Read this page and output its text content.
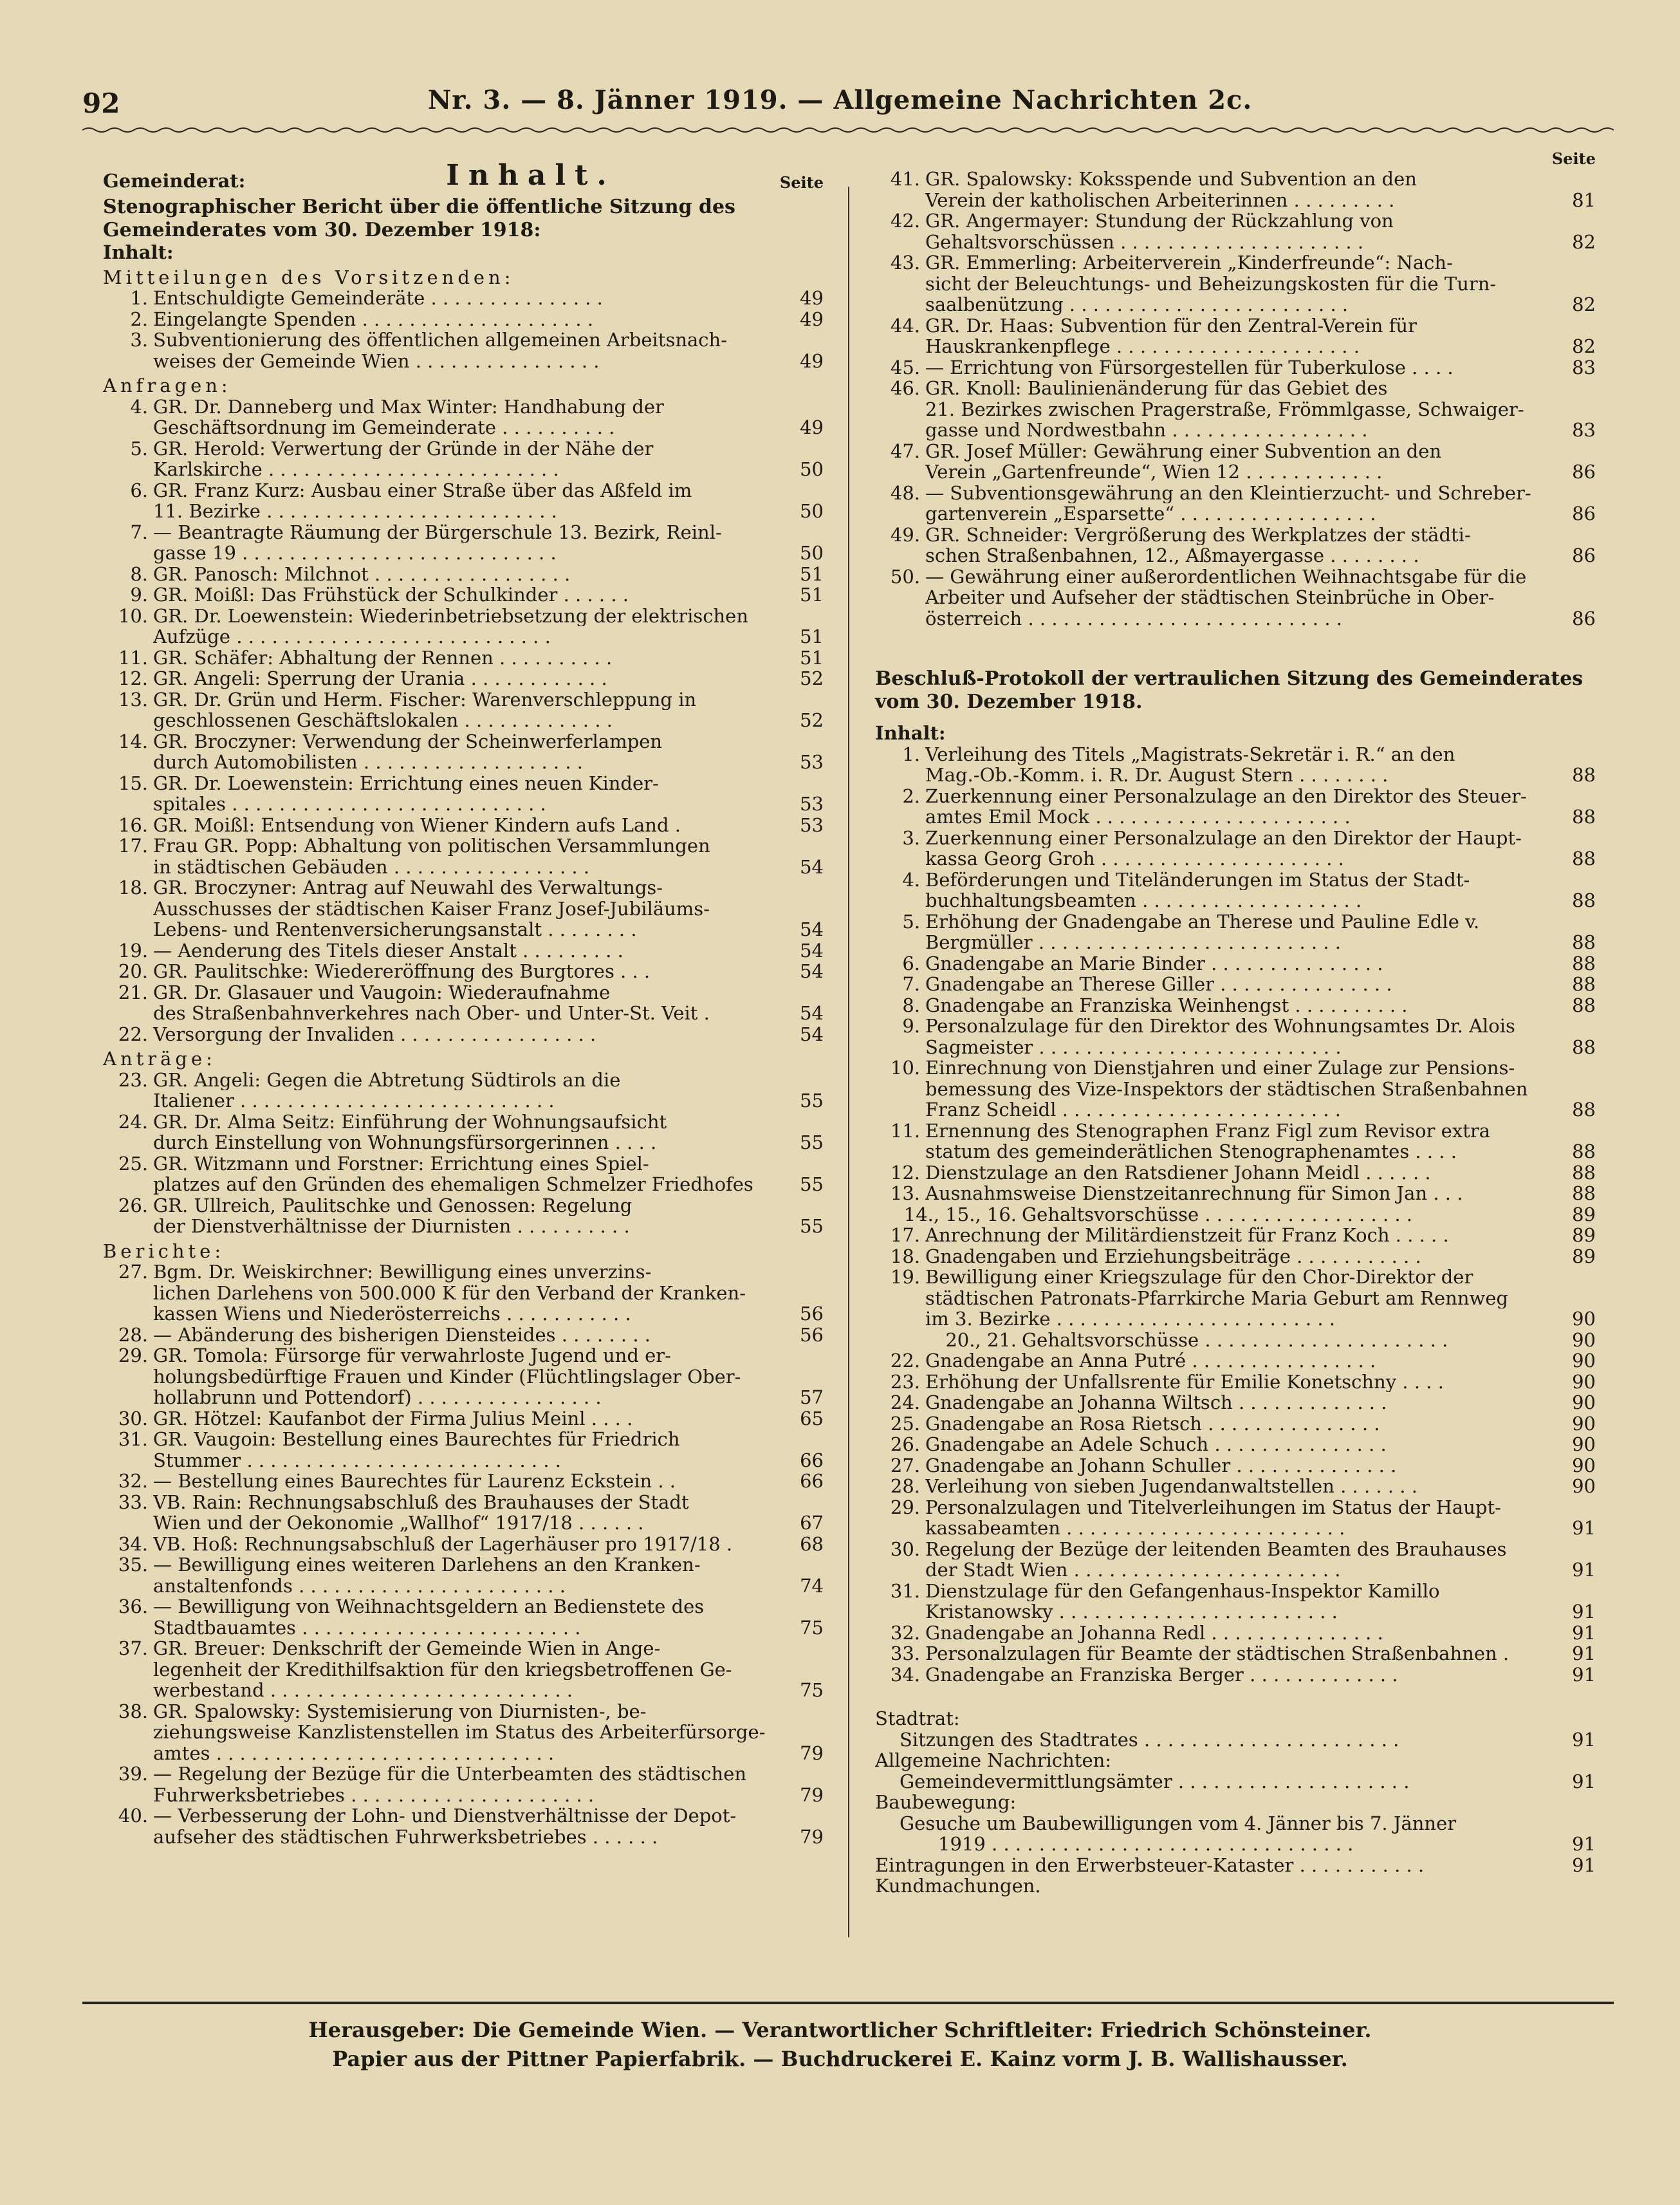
92	Nr. 3. — 8. Jänner 1919. — Allgemeine Nachrichten 2c.
Gemeinderat:	Inhalt.	Seite
Stenographischer Bericht über die öffentliche Sitzung des Gemeinderates vom 30. Dezember 1918:
Inhalt:
Mitteilungen des Vorsitzenden:
1. Entschuldigte Gemeinderäte . . . . . . . . . . . . . . .	49
2. Eingelangte Spenden . . . . . . . . . . . . . . . . . . . .	49
3. Subventionierung des öffentlichen allgemeinen Arbeitsnach-
weises der Gemeinde Wien . . . . . . . . . . . . . . . .	49
Anfragen:
4. GR. Dr. Danneberg und Max Winter: Handhabung der
Geschäftsordnung im Gemeinderate . . . . . . . . . .	49
5. GR. Herold: Verwertung der Gründe in der Nähe der
Karlskirche . . . . . . . . . . . . . . . . . . . . . . . . .	50
6. GR. Franz Kurz: Ausbau einer Straße über das Aßfeld im
11. Bezirke . . . . . . . . . . . . . . . . . . . . . . . . .	50
7. — Beantragte Räumung der Bürgerschule 13. Bezirk, Reinl-
gasse 19 . . . . . . . . . . . . . . . . . . . . . . . . . . .	50
8. GR. Panosch: Milchnot . . . . . . . . . . . . . . . . .	51
9. GR. Moißl: Das Frühstück der Schulkinder . . . . . .	51
10. GR. Dr. Loewenstein: Wiederinbetriebsetzung der elektrischen
Aufzüge . . . . . . . . . . . . . . . . . . . . . . . . . . .	51
11. GR. Schäfer: Abhaltung der Rennen . . . . . . . . . .	51
12. GR. Angeli: Sperrung der Urania . . . . . . . . . . . .	52
13. GR. Dr. Grün und Herm. Fischer: Warenverschleppung in
geschlossenen Geschäftslokalen . . . . . . . . . . . . .	52
14. GR. Broczyner: Verwendung der Scheinwerferlampen
durch Automobilisten . . . . . . . . . . . . . . . . . . .	53
15. GR. Dr. Loewenstein: Errichtung eines neuen Kinder-
spitales . . . . . . . . . . . . . . . . . . . . . . . . . . .	53
16. GR. Moißl: Entsendung von Wiener Kindern aufs Land .	53
17. Frau GR. Popp: Abhaltung von politischen Versammlungen
in städtischen Gebäuden . . . . . . . . . . . . . . . . .	54
18. GR. Broczyner: Antrag auf Neuwahl des Verwaltungs-
Ausschusses der städtischen Kaiser Franz Josef-Jubiläums-
Lebens- und Rentenversicherungsanstalt . . . . . . . .	54
19. — Aenderung des Titels dieser Anstalt . . . . . . . . .	54
20. GR. Paulitschke: Wiedereröffnung des Burgtores . . .	54
21. GR. Dr. Glasauer und Vaugoin: Wiederaufnahme
des Straßenbahnverkehres nach Ober- und Unter-St. Veit .	54
22. Versorgung der Invaliden . . . . . . . . . . . . . . . . .	54
Anträge:
23. GR. Angeli: Gegen die Abtretung Südtirols an die
Italiener . . . . . . . . . . . . . . . . . . . . . . . . . . .	55
24. GR. Dr. Alma Seitz: Einführung der Wohnungsaufsicht
durch Einstellung von Wohnungsfürsorgerinnen . . . .	55
25. GR. Witzmann und Forstner: Errichtung eines Spiel-
platzes auf den Gründen des ehemaligen Schmelzer Friedhofes	55
26. GR. Ullreich, Paulitschke und Genossen: Regelung
der Dienstverhältnisse der Diurnisten . . . . . . . . . .	55
Berichte:
27. Bgm. Dr. Weiskirchner: Bewilligung eines unverzins-
lichen Darlehens von 500.000 K für den Verband der Kranken-
kassen Wiens und Niederösterreichs . . . . . . . . . . .	56
28. — Abänderung des bisherigen Diensteides . . . . . . . .	56
29. GR. Tomola: Fürsorge für verwahrloste Jugend und er-
holungsbedürftige Frauen und Kinder (Flüchtlingslager Ober-
hollabrunn und Pottendorf) . . . . . . . . . . . . . . . .	57
30. GR. Hötzel: Kaufanbot der Firma Julius Meinl . . . .	65
31. GR. Vaugoin: Bestellung eines Baurechtes für Friedrich
Stummer . . . . . . . . . . . . . . . . . . . . . . . . . . .	66
32. — Bestellung eines Baurechtes für Laurenz Eckstein . .	66
33. VB. Rain: Rechnungsabschluß des Brauhauses der Stadt
Wien und der Oekonomie „Wallhof“ 1917/18 . . . . . .	67
34. VB. Hoß: Rechnungsabschluß der Lagerhäuser pro 1917/18 .	68
35. — Bewilligung eines weiteren Darlehens an den Kranken-
anstaltenfonds . . . . . . . . . . . . . . . . . . . . . . .	74
36. — Bewilligung von Weihnachtsgeldern an Bedienstete des
Stadtbauamtes . . . . . . . . . . . . . . . . . . . . . . . .	75
37. GR. Breuer: Denkschrift der Gemeinde Wien in Ange-
legenheit der Kredithilfsaktion für den kriegsbetroffenen Ge-
werbestand . . . . . . . . . . . . . . . . . . . . . . . . . .	75
38. GR. Spalowsky: Systemisierung von Diurnisten-, be-
ziehungsweise Kanzlistenstellen im Status des Arbeiterfürsorge-
amtes . . . . . . . . . . . . . . . . . . . . . . . . . . . . .	79
39. — Regelung der Bezüge für die Unterbeamten des städtischen
Fuhrwerksbetriebes . . . . . . . . . . . . . . . . . . . . .	79
40. — Verbesserung der Lohn- und Dienstverhältnisse der Depot-
aufseher des städtischen Fuhrwerksbetriebes . . . . . .	79
Seite
41. GR. Spalowsky: Koksspende und Subvention an den
Verein der katholischen Arbeiterinnen . . . . . . . . .	81
42. GR. Angermayer: Stundung der Rückzahlung von
Gehaltsvorschüssen . . . . . . . . . . . . . . . . . . . . .	82
43. GR. Emmerling: Arbeiterverein „Kinderfreunde“: Nach-
sicht der Beleuchtungs- und Beheizungskosten für die Turn-
saalbenützung . . . . . . . . . . . . . . . . . . . . . . . .	82
44. GR. Dr. Haas: Subvention für den Zentral-Verein für
Hauskrankenpflege . . . . . . . . . . . . . . . . . . . . .	82
45. — Errichtung von Fürsorgestellen für Tuberkulose . . . .	83
46. GR. Knoll: Baulinienänderung für das Gebiet des
21. Bezirkes zwischen Pragerstraße, Frömmlgasse, Schwaiger-
gasse und Nordwestbahn . . . . . . . . . . . . . . . . .	83
47. GR. Josef Müller: Gewährung einer Subvention an den
Verein „Gartenfreunde“, Wien 12 . . . . . . . . . . . .	86
48. — Subventionsgewährung an den Kleintierzucht- und Schreber-
gartenverein „Esparsette“ . . . . . . . . . . . . . . . . .	86
49. GR. Schneider: Vergrößerung des Werkplatzes der städti-
schen Straßenbahnen, 12., Aßmayergasse . . . . . . . .	86
50. — Gewährung einer außerordentlichen Weihnachtsgabe für die
Arbeiter und Aufseher der städtischen Steinbrüche in Ober-
österreich . . . . . . . . . . . . . . . . . . . . . . . . . . .	86
Beschluß-Protokoll der vertraulichen Sitzung des Gemeinderates vom 30. Dezember 1918.
Inhalt:
1. Verleihung des Titels „Magistrats-Sekretär i. R.“ an den
Mag.-Ob.-Komm. i. R. Dr. August Stern . . . . . . . .	88
2. Zuerkennung einer Personalzulage an den Direktor des Steuer-
amtes Emil Mock . . . . . . . . . . . . . . . . . . . . . .	88
3. Zuerkennung einer Personalzulage an den Direktor der Haupt-
kassa Georg Groh . . . . . . . . . . . . . . . . . . . . .	88
4. Beförderungen und Titeländerungen im Status der Stadt-
buchhaltungsbeamten . . . . . . . . . . . . . . . . . . .	88
5. Erhöhung der Gnadengabe an Therese und Pauline Edle v.
Bergmüller . . . . . . . . . . . . . . . . . . . . . . . . . .	88
6. Gnadengabe an Marie Binder . . . . . . . . . . . . . . .	88
7. Gnadengabe an Therese Giller . . . . . . . . . . . . . . .	88
8. Gnadengabe an Franziska Weinhengst . . . . . . . . . .	88
9. Personalzulage für den Direktor des Wohnungsamtes Dr. Alois
Sagmeister . . . . . . . . . . . . . . . . . . . . . . . . . .	88
10. Einrechnung von Dienstjahren und einer Zulage zur Pensions-
bemessung des Vize-Inspektors der städtischen Straßenbahnen
Franz Scheidl . . . . . . . . . . . . . . . . . . . . . . . .	88
11. Ernennung des Stenographen Franz Figl zum Revisor extra
statum des gemeinderätlichen Stenographenamtes . . . .	88
12. Dienstzulage an den Ratsdiener Johann Meidl . . . . . .	88
13. Ausnahmsweise Dienstzeitanrechnung für Simon Jan . . .	88
14., 15., 16. Gehaltsvorschüsse . . . . . . . . . . . . . . . . . .	89
17. Anrechnung der Militärdienstzeit für Franz Koch . . . . .	89
18. Gnadengaben und Erziehungsbeiträge . . . . . . . . . . .	89
19. Bewilligung einer Kriegszulage für den Chor-Direktor der
städtischen Patronats-Pfarrkirche Maria Geburt am Rennweg
im 3. Bezirke . . . . . . . . . . . . . . . . . . . . . . . .	90
20., 21. Gehaltsvorschüsse . . . . . . . . . . . . . . . . . . . . .	90
22. Gnadengabe an Anna Putré . . . . . . . . . . . . . . . .	90
23. Erhöhung der Unfallsrente für Emilie Konetschny . . . .	90
24. Gnadengabe an Johanna Wiltsch . . . . . . . . . . . . .	90
25. Gnadengabe an Rosa Rietsch . . . . . . . . . . . . . . .	90
26. Gnadengabe an Adele Schuch . . . . . . . . . . . . . . .	90
27. Gnadengabe an Johann Schuller . . . . . . . . . . . . . .	90
28. Verleihung von sieben Jugendanwaltstellen . . . . . . .	90
29. Personalzulagen und Titelverleihungen im Status der Haupt-
kassabeamten . . . . . . . . . . . . . . . . . . . . . . . .	91
30. Regelung der Bezüge der leitenden Beamten des Brauhauses
der Stadt Wien . . . . . . . . . . . . . . . . . . . . . . .	91
31. Dienstzulage für den Gefangenhaus-Inspektor Kamillo
Kristanowsky . . . . . . . . . . . . . . . . . . . . . . . .	91
32. Gnadengabe an Johanna Redl . . . . . . . . . . . . . . .	91
33. Personalzulagen für Beamte der städtischen Straßenbahnen .	91
34. Gnadengabe an Franziska Berger . . . . . . . . . . . . .	91
Stadtrat:
Sitzungen des Stadtrates . . . . . . . . . . . . . . . . . . . . . .	91
Allgemeine Nachrichten:
Gemeindevermittlungsämter . . . . . . . . . . . . . . . . . . . .	91
Baubewegung:
Gesuche um Baubewilligungen vom 4. Jänner bis 7. Jänner
1919 . . . . . . . . . . . . . . . . . . . . . . . . . . . . . . .	91
Eintragungen in den Erwerbsteuer-Kataster . . . . . . . . . . .	91
Kundmachungen.
Herausgeber: Die Gemeinde Wien. — Verantwortlicher Schriftleiter: Friedrich Schönsteiner.
Papier aus der Pittner Papierfabrik. — Buchdruckerei E. Kainz vorm J. B. Wallishausser.
